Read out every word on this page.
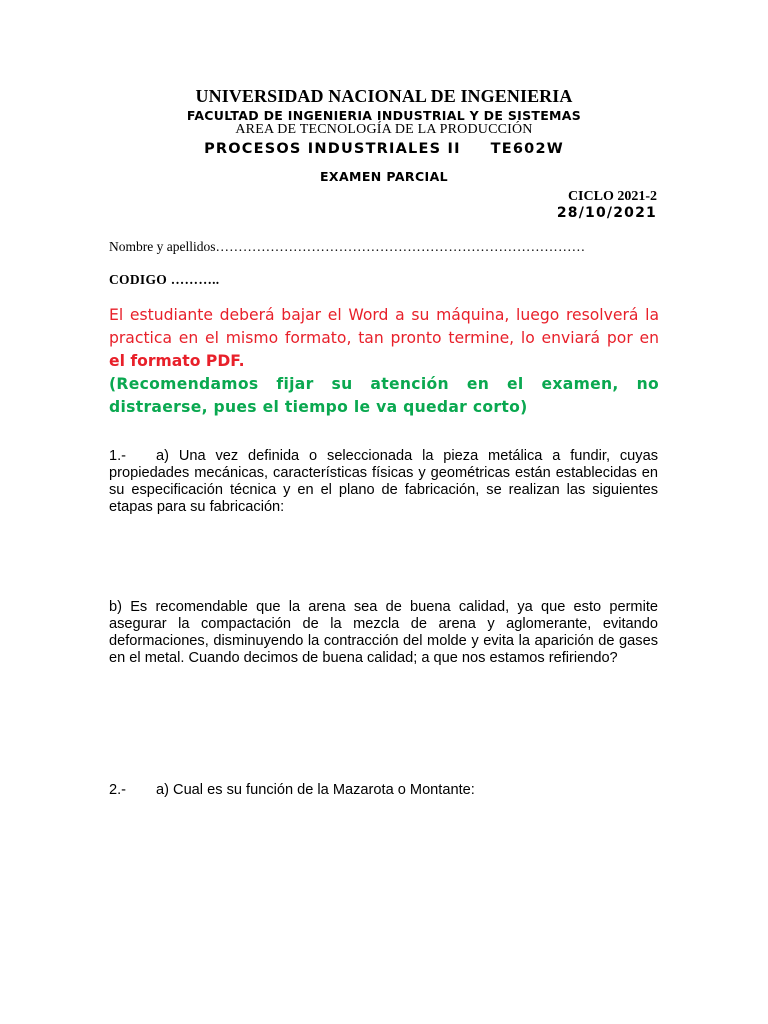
UNIVERSIDAD NACIONAL DE INGENIERIA
FACULTAD DE INGENIERIA INDUSTRIAL Y DE SISTEMAS
AREA DE TECNOLOGÍA DE LA PRODUCCIÓN
PROCESOS INDUSTRIALES II TE602W
EXAMEN PARCIAL
CICLO 2021-2
28/10/2021
Nombre y apellidos………………………………………………………………………
CODIGO ………..
El estudiante deberá bajar el Word a su máquina, luego resolverá la practica en el mismo formato, tan pronto termine, lo enviará por en el formato PDF.
(Recomendamos fijar su atención en el examen, no
distraerse, pues el tiempo le va quedar corto)
1.- a) Una vez definida o seleccionada la pieza metálica a fundir, cuyas propiedades mecánicas, características físicas y geométricas están establecidas en su especificación técnica y en el plano de fabricación, se realizan las siguientes etapas para su fabricación:
b) Es recomendable que la arena sea de buena calidad, ya que esto permite asegurar la compactación de la mezcla de arena y aglomerante, evitando deformaciones, disminuyendo la contracción del molde y evita la aparición de gases en el metal. Cuando decimos de buena calidad; a que nos estamos refiriendo?
2.- a) Cual es su función de la Mazarota o Montante:
